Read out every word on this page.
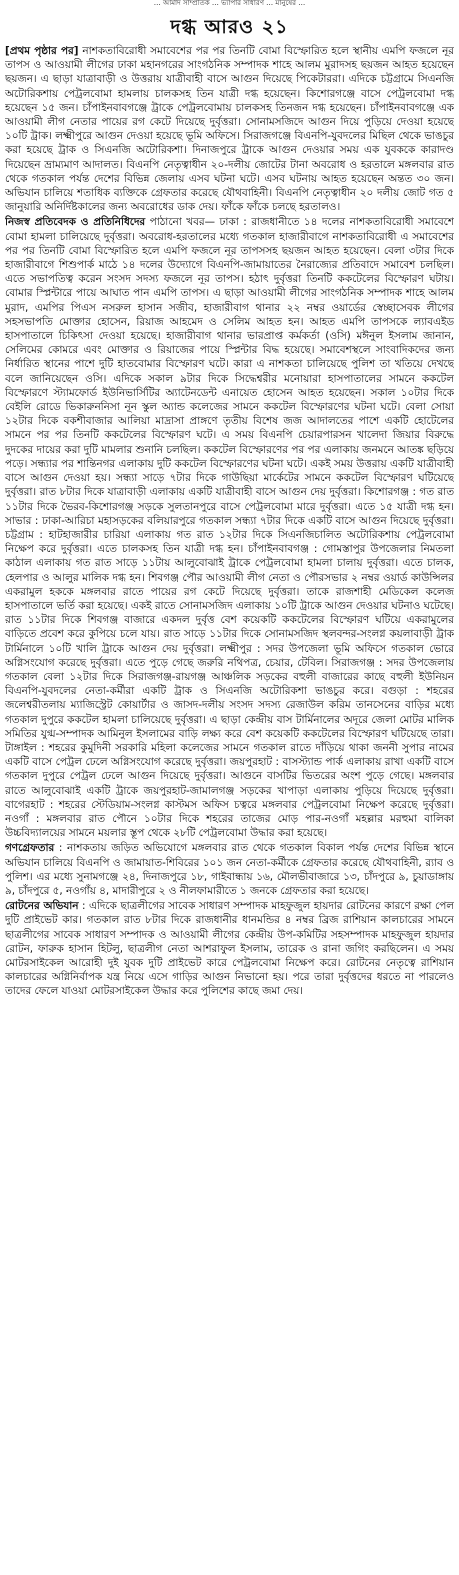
… আর্মাদ সাম্প্রতিক … ভ্যাপার সাধারণ … মানুষের …
দগ্ধ আরও ২১

[প্রথম পৃষ্ঠার পর] নাশকতাবিরোধী সমাবেশের পর পর তিনটি বোমা বিস্ফোরিত হলে স্থানীয় এমপি ফজলে নূর তাপস ও আওয়ামী লীগের ঢাকা মহানগরের সাংগঠনিক সম্পাদক শাহে আলম মুরাদসহ ছয়জন আহত হয়েছেন ছয়জন। এ ছাড়া যাত্রাবাড়ী ও উত্তরায় যাত্রীবাহী বাসে আগুন দিয়েছে পিকেটাররা। এদিকে চট্টগ্রামে সিএনজি অটোরিকশায় পেট্রলবোমা হামলায় চালকসহ তিন যাত্রী দগ্ধ হয়েছেন। কিশোরগঞ্জে বাসে পেট্রলবোমা দগ্ধ হয়েছেন ১৫ জন। চাঁপাইনবাবগঞ্জে ট্রাকে পেট্রলবোমায় চালকসহ তিনজন দগ্ধ হয়েছেন। চাঁপাইনবাবগঞ্জে এক আওয়ামী লীগ নেতার পায়ের রগ কেটে দিয়েছে দুর্বৃত্তরা। সোনামসজিদে আগুন দিয়ে পুড়িয়ে দেওয়া হয়েছে ১০টি ট্রাক। লক্ষ্মীপুরে আগুন দেওয়া হয়েছে ভূমি অফিসে। সিরাজগঞ্জে বিএনপি-যুবদলের মিছিল থেকে ভাঙচুর করা হয়েছে ট্রাক ও সিএনজি অটোরিকশা। দিনাজপুরে ট্রাকে আগুন দেওয়ার সময় এক যুবককে কারাদণ্ড দিয়েছেন ভ্রাম্যমাণ আদালত। বিএনপি নেতৃত্বাধীন ২০-দলীয় জোটের টানা অবরোধ ও হরতালে মঙ্গলবার রাত থেকে গতকাল পর্যন্ত দেশের বিভিন্ন জেলায় এসব ঘটনা ঘটে। এসব ঘটনায় আহত হয়েছেন অন্তত ৩০ জন। অভিযান চালিয়ে শতাধিক ব্যক্তিকে গ্রেফতার করেছে যৌথবাহিনী। বিএনপি নেতৃত্বাধীন ২০ দলীয় জোট গত ৫ জানুয়ারি অনির্দিষ্টকালের জন্য অবরোধের ডাক দেয়। ফাঁকে ফাঁকে চলছে হরতালও।

নিজস্ব প্রতিবেদক ও প্রতিনিধিদের পাঠানো খবর— ঢাকা : রাজধানীতে ১৪ দলের নাশকতাবিরোধী সমাবেশে বোমা হামলা চালিয়েছে দুর্বৃত্তরা। অবরোধ-হরতালের মধ্যে গতকাল হাজারীবাগে নাশকতাবিরোধী এ সমাবেশের পর পর তিনটি বোমা বিস্ফোরিত হলে এমপি ফজলে নূর তাপসসহ ছয়জন আহত হয়েছেন। বেলা ৩টার দিকে হাজারীবাগে শিশুপার্ক মাঠে ১৪ দলের উদ্যোগে বিএনপি-জামায়াতের নৈরাজ্যের প্রতিবাদে সমাবেশ চলছিল। এতে সভাপতিত্ব করেন সংসদ সদস্য ফজলে নূর তাপস। হঠাৎ দুর্বৃত্তরা তিনটি ককটেলের বিস্ফোরণ ঘটায়। বোমার স্প্লিন্টারে পায়ে আঘাত পান এমপি তাপস। এ ছাড়া আওয়ামী লীগের সাংগঠনিক সম্পাদক শাহে আলম মুরাদ, এমপির পিএস নসরুল হাসান সজীব, হাজারীবাগ থানার ২২ নম্বর ওয়ার্ডের স্বেচ্ছাসেবক লীগের সহসভাপতি মোক্তার হোসেন, রিয়াজ আহমেদ ও সেলিম আহত হন। আহত এমপি তাপসকে ল্যাবএইড হাসপাতালে চিকিৎসা দেওয়া হয়েছে। হাজারীবাগ থানার ভারপ্রাপ্ত কর্মকর্তা (ওসি) মঈনুল ইসলাম জানান, সেলিমের কোমরে এবং মোক্তার ও রিয়াজের পায়ে স্প্লিন্টার বিদ্ধ হয়েছে। সমাবেশস্থলে সাংবাদিকদের জন্য নির্ধারিত স্থানের পাশে দুটি হাতবোমার বিস্ফোরণ ঘটে। কারা এ নাশকতা চালিয়েছে পুলিশ তা খতিয়ে দেখছে বলে জানিয়েছেন ওসি। এদিকে সকাল ৯টার দিকে সিদ্ধেশ্বরীর মনোয়ারা হাসপাতালের সামনে ককটেল বিস্ফোরণে স্ট্যামফোর্ড ইউনিভার্সিটির অ্যাটেনডেন্ট এনায়েত হোসেন আহত হয়েছেন। সকাল ১০টার দিকে বেইলি রোডে ভিকারুননিসা নূন স্কুল অ্যান্ড কলেজের সামনে ককটেল বিস্ফোরণের ঘটনা ঘটে। বেলা সোয়া ১২টার দিকে বকশীবাজার আলিয়া মাদ্রাসা প্রাঙ্গণে তৃতীয় বিশেষ জজ আদালতের পাশে একটি হোটেলের সামনে পর পর তিনটি ককটেলের বিস্ফোরণ ঘটে। এ সময় বিএনপি চেয়ারপারসন খালেদা জিয়ার বিরুদ্ধে দুদকের দায়ের করা দুটি মামলার শুনানি চলছিল। ককটেল বিস্ফোরণের পর পর এলাকায় জনমনে আতঙ্ক ছড়িয়ে পড়ে। সন্ধ্যার পর শান্তিনগর এলাকায় দুটি ককটেল বিস্ফোরণের ঘটনা ঘটে। একই সময় উত্তরায় একটি যাত্রীবাহী বাসে আগুন দেওয়া হয়। সন্ধ্যা সাড়ে ৭টার দিকে গাউছিয়া মার্কেটের সামনে ককটেল বিস্ফোরণ ঘটিয়েছে দুর্বৃত্তরা। রাত ৮টার দিকে যাত্রাবাড়ী এলাকায় একটি যাত্রীবাহী বাসে আগুন দেয় দুর্বৃত্তরা। কিশোরগঞ্জ : গত রাত ১১টার দিকে ভৈরব-কিশোরগঞ্জ সড়কে সুলতানপুরে বাসে পেট্রলবোমা মারে দুর্বৃত্তরা। এতে ১৫ যাত্রী দগ্ধ হন। সাভার : ঢাকা-আরিচা মহাসড়কের বলিয়ারপুরে গতকাল সন্ধ্যা ৭টার দিকে একটি বাসে আগুন দিয়েছে দুর্বৃত্তরা। চট্টগ্রাম : হাটহাজারীর চারিয়া এলাকায় গত রাত ১২টার দিকে সিএনজিচালিত অটোরিকশায় পেট্রলবোমা নিক্ষেপ করে দুর্বৃত্তরা। এতে চালকসহ তিন যাত্রী দগ্ধ হন। চাঁপাইনবাবগঞ্জ : গোমস্তাপুর উপজেলার নিমতলা কাঠাল এলাকায় গত রাত সাড়ে ১১টায় আলুবোঝাই ট্রাকে পেট্রলবোমা হামলা চালায় দুর্বৃত্তরা। এতে চালক, হেলপার ও আলুর মালিক দগ্ধ হন। শিবগঞ্জ পৌর আওয়ামী লীগ নেতা ও পৌরসভার ২ নম্বর ওয়ার্ড কাউন্সিলর একরামুল হককে মঙ্গলবার রাতে পায়ের রগ কেটে দিয়েছে দুর্বৃত্তরা। তাকে রাজশাহী মেডিকেল কলেজ হাসপাতালে ভর্তি করা হয়েছে। একই রাতে সোনামসজিদ এলাকায় ১০টি ট্রাকে আগুন দেওয়ার ঘটনাও ঘটেছে। রাত ১১টার দিকে শিবগঞ্জ বাজারে একদল দুর্বৃত্ত বেশ কয়েকটি ককটেলের বিস্ফোরণ ঘটিয়ে একরামুলের বাড়িতে প্রবেশ করে কুপিয়ে চলে যায়। রাত সাড়ে ১১টার দিকে সোনামসজিদ স্থলবন্দর-সংলগ্ন কয়লাবাড়ী ট্রাক টার্মিনালে ১০টি খালি ট্রাকে আগুন দেয় দুর্বৃত্তরা। লক্ষ্মীপুর : সদর উপজেলা ভূমি অফিসে গতকাল ভোরে অগ্নিসংযোগ করেছে দুর্বৃত্তরা। এতে পুড়ে গেছে জরুরি নথিপত্র, চেয়ার, টেবিল। সিরাজগঞ্জ : সদর উপজেলায় গতকাল বেলা ১২টার দিকে সিরাজগঞ্জ-রায়গঞ্জ আঞ্চলিক সড়কের বহুলী বাজারের কাছে বহুলী ইউনিয়ন বিএনপি-যুবদলের নেতা-কর্মীরা একটি ট্রাক ও সিএনজি অটোরিকশা ভাঙচুর করে। বগুড়া : শহরের জলেশ্বরীতলায় ম্যাজিস্ট্রেট কোয়ার্টার ও জাসদ-দলীয় সংসদ সদস্য রেজাউল করিম তানসেনের বাড়ির মধ্যে গতকাল দুপুরে ককটেল হামলা চালিয়েছে দুর্বৃত্তরা। এ ছাড়া কেন্দ্রীয় বাস টার্মিনালের অদূরে জেলা মোটর মালিক সমিতির যুগ্ম-সম্পাদক আমিনুল ইসলামের বাড়ি লক্ষ্য করে বেশ কয়েকটি ককটেলের বিস্ফোরণ ঘটিয়েছে তারা। টাঙ্গাইল : শহরের কুমুদিনী সরকারি মহিলা কলেজের সামনে গতকাল রাতে দাঁড়িয়ে থাকা জননী সুপার নামের একটি বাসে পেট্রল ঢেলে অগ্নিসংযোগ করেছে দুর্বৃত্তরা। জয়পুরহাট : বাসস্ট্যান্ড পার্ক এলাকায় রাখা একটি বাসে গতকাল দুপুরে পেট্রল ঢেলে আগুন দিয়েছে দুর্বৃত্তরা। আগুনে বাসটির ভিতরের অংশ পুড়ে গেছে। মঙ্গলবার রাতে আলুবোঝাই একটি ট্রাকে জয়পুরহাট-জামালগঞ্জ সড়কের খাপাড়া এলাকায় পুড়িয়ে দিয়েছে দুর্বৃত্তরা। বাগেরহাট : শহরের স্টেডিয়াম-সংলগ্ন কাস্টমস অফিস চত্বরে মঙ্গলবার পেট্রলবোমা নিক্ষেপ করেছে দুর্বৃত্তরা। নওগাঁ : মঙ্গলবার রাত পৌনে ১০টার দিকে শহরের তাজের মোড় পার-নওগাঁ মহল্লার মরহুমা বালিকা উচ্চবিদ্যালয়ের সামনে ময়লার স্তূপ থেকে ২৮টি পেট্রলবোমা উদ্ধার করা হয়েছে।

গণগ্রেফতার : নাশকতায় জড়িত অভিযোগে মঙ্গলবার রাত থেকে গতকাল বিকাল পর্যন্ত দেশের বিভিন্ন স্থানে অভিযান চালিয়ে বিএনপি ও জামায়াত-শিবিরের ১০১ জন নেতা-কর্মীকে গ্রেফতার করেছে যৌথবাহিনী, র‍্যাব ও পুলিশ। এর মধ্যে সুনামগঞ্জে ২৪, দিনাজপুরে ১৮, গাইবান্ধায় ১৬, মৌলভীবাজারে ১৩, চাঁদপুরে ৯, চুয়াডাঙ্গায় ৯, চাঁদপুরে ৫, নওগাঁয় ৪, মাদারীপুরে ২ ও নীলফামারীতে ১ জনকে গ্রেফতার করা হয়েছে।

রোটনের অভিযান : এদিকে ছাত্রলীগের সাবেক সাধারণ সম্পাদক মাহফুজুল হায়দার রোটনের কারণে রক্ষা পেল দুটি প্রাইভেট কার। গতকাল রাত ৮টার দিকে রাজধানীর ধানমন্ডির ৪ নম্বর ব্রিজ রাশিয়ান কালচারের সামনে ছাত্রলীগের সাবেক সাধারণ সম্পাদক ও আওয়ামী লীগের কেন্দ্রীয় উপ-কমিটির সহসম্পাদক মাহফুজুল হায়দার রোটন, ফারুক হাসান হিটলু, ছাত্রলীগ নেতা আশরাফুল ইসলাম, তারেক ও রানা জগিং করছিলেন। এ সময় মোটরসাইকেল আরোহী দুই যুবক দুটি প্রাইভেট কারে পেট্রলবোমা নিক্ষেপ করে। রোটনের নেতৃত্বে রাশিয়ান কালচারের অগ্নিনির্বাপক যন্ত্র নিয়ে এসে গাড়ির আগুন নিভানো হয়। পরে তারা দুর্বৃত্তদের ধরতে না পারলেও তাদের ফেলে যাওয়া মোটরসাইকেল উদ্ধার করে পুলিশের কাছে জমা দেয়।
